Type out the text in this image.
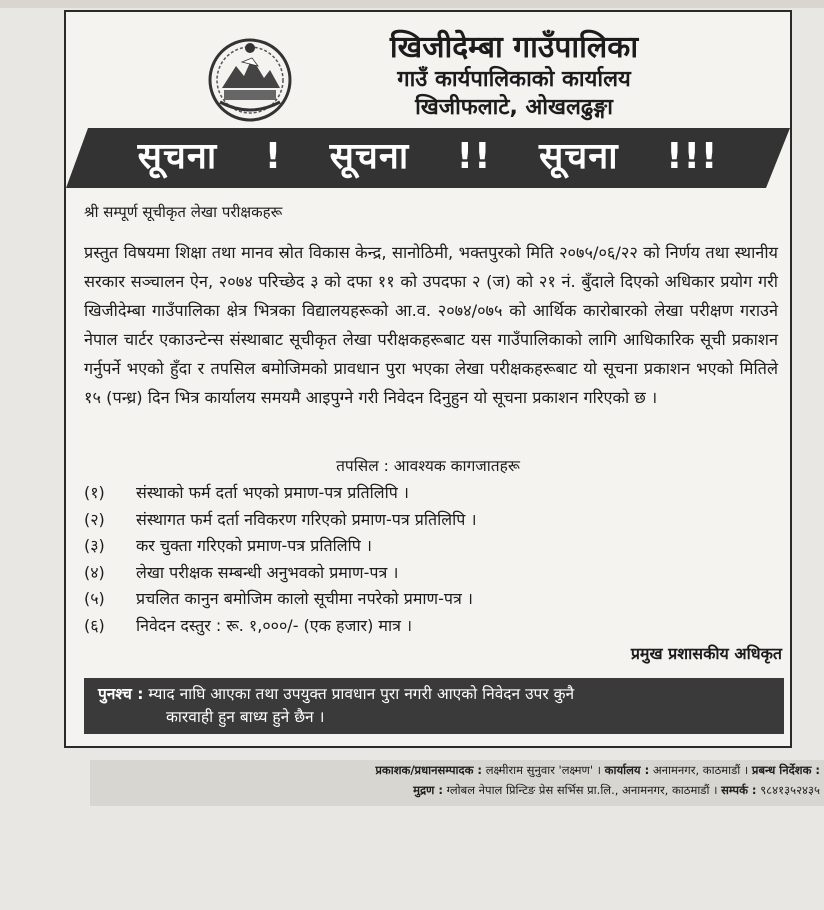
खिजीदेम्बा गाउँपालिका
गाउँ कार्यपालिकाको कार्यालय
खिजीफलाटे, ओखलढुङ्गा
सूचना ! सूचना !! सूचना !!!
श्री सम्पूर्ण सूचीकृत लेखा परीक्षकहरू
प्रस्तुत विषयमा शिक्षा तथा मानव स्रोत विकास केन्द्र, सानोठिमी, भक्तपुरको मिति २०७५/०६/२२ को निर्णय तथा स्थानीय सरकार सञ्चालन ऐन, २०७४ परिच्छेद ३ को दफा ११ को उपदफा २ (ज) को २१ नं. बुँदाले दिएको अधिकार प्रयोग गरी खिजीदेम्बा गाउँपालिका क्षेत्र भित्रका विद्यालयहरूको आ.व. २०७४/०७५ को आर्थिक कारोबारको लेखा परीक्षण गराउने नेपाल चार्टर एकाउन्टेन्स संस्थाबाट सूचीकृत लेखा परीक्षकहरूबाट यस गाउँपालिकाको लागि आधिकारिक सूची प्रकाशन गर्नुपर्ने भएको हुँदा र तपसिल बमोजिमको प्रावधान पुरा भएका लेखा परीक्षकहरूबाट यो सूचना प्रकाशन भएको मितिले १५ (पन्ध्र) दिन भित्र कार्यालय समयमै आइपुग्ने गरी निवेदन दिनुहुन यो सूचना प्रकाशन गरिएको छ ।
तपसिल : आवश्यक कागजातहरू
(१) संस्थाको फर्म दर्ता भएको प्रमाण-पत्र प्रतिलिपि ।
(२) संस्थागत फर्म दर्ता नविकरण गरिएको प्रमाण-पत्र प्रतिलिपि ।
(३) कर चुक्ता गरिएको प्रमाण-पत्र प्रतिलिपि ।
(४) लेखा परीक्षक सम्बन्धी अनुभवको प्रमाण-पत्र ।
(५) प्रचलित कानुन बमोजिम कालो सूचीमा नपरेको प्रमाण-पत्र ।
(६) निवेदन दस्तुर : रू. १,०००/- (एक हजार) मात्र ।
प्रमुख प्रशासकीय अधिकृत
पुनश्च : म्याद नाघि आएका तथा उपयुक्त प्रावधान पुरा नगरी आएको निवेदन उपर कुनै
कारवाही हुन बाध्य हुने छैन ।
प्रकाशक/प्रधानसम्पादक : लक्ष्मीराम सुनुवार 'लक्ष्मण' । कार्यालय : अनामनगर, काठमाडौं । प्रबन्ध निर्देशक :
मुद्रण : ग्लोबल नेपाल प्रिन्टिङ प्रेस सर्भिस प्रा.लि., अनामनगर, काठमाडौं । सम्पर्क : ९८४१३५२४३५
